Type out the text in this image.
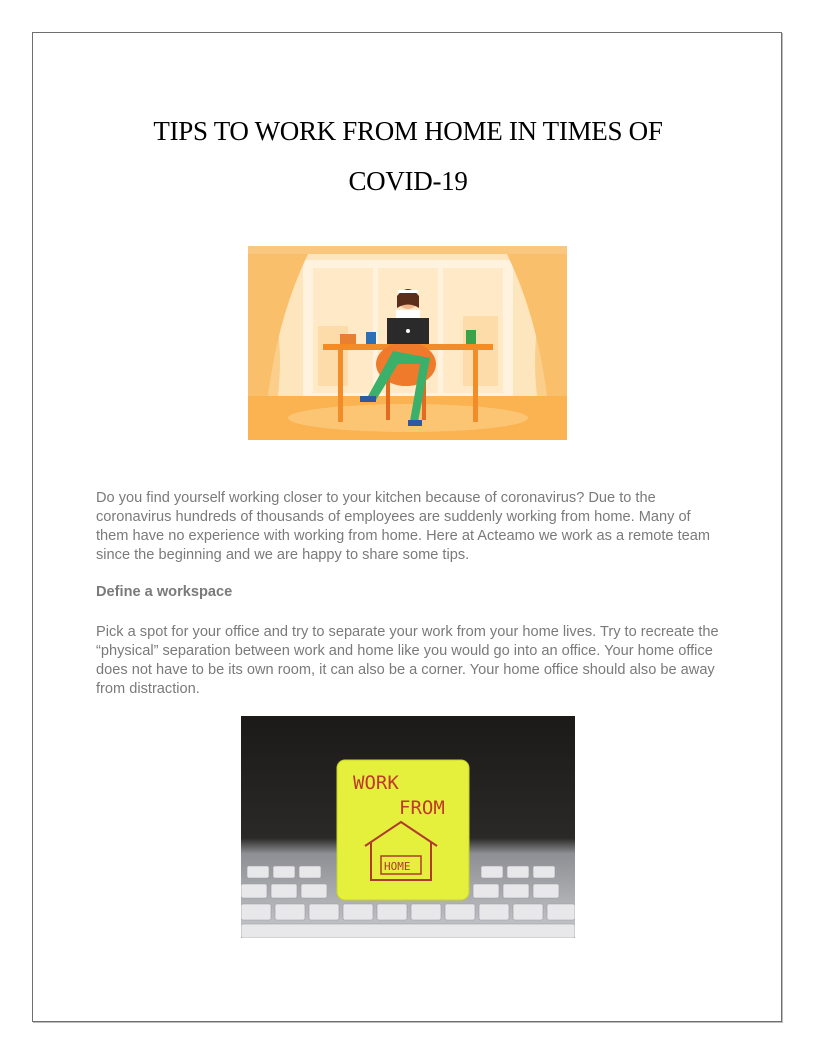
TIPS TO WORK FROM HOME IN TIMES OF
COVID-19

Do you find yourself working closer to your kitchen because of coronavirus? Due to the coronavirus hundreds of thousands of employees are suddenly working from home. Many of them have no experience with working from home. Here at Acteamo we work as a remote team since the beginning and we are happy to share some tips.

Define a workspace

Pick a spot for your office and try to separate your work from your home lives. Try to recreate the “physical” separation between work and home like you would go into an office. Your home office does not have to be its own room, it can also be a corner. Your home office should also be away from distraction.

WORK
FROM
HOME
